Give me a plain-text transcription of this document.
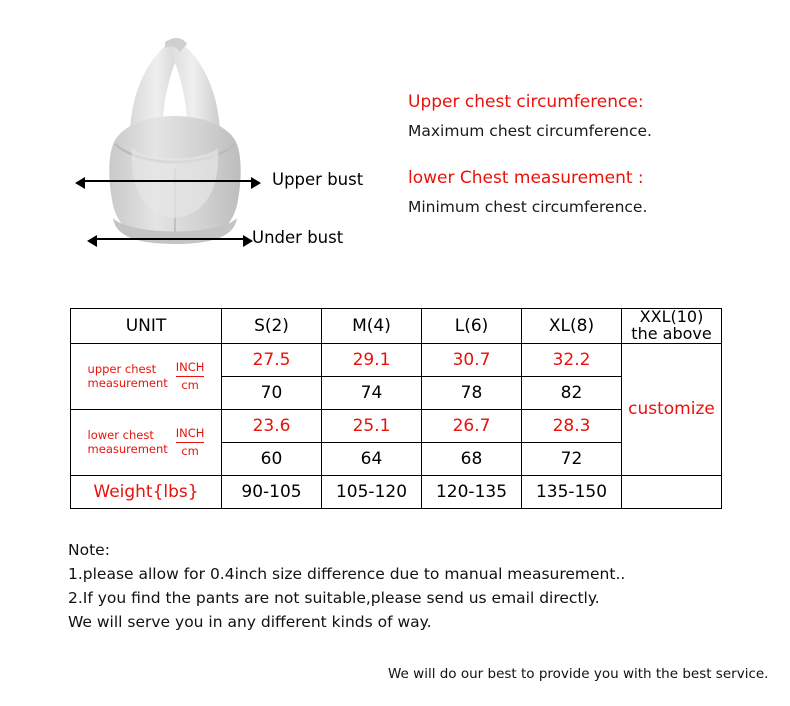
Upper bust
Under bust

Upper chest circumference:

Maximum chest circumference.

lower Chest measurement :

Minimum chest circumference.

UNIT	S(2)	M(4)	L(6)	XL(8)	XXL(10)
the above

upper chest
measurement
INCH
cm	27.5	29.1	30.7	32.2	customize
	70	74	78	82	

lower chest
measurement
INCH
cm	23.6	25.1	26.7	28.3	
	60	64	68	72	
Weight{lbs}	90-105	105-120	120-135	135-150	

Note:

1.please allow for 0.4inch size difference due to manual measurement..

2.If you find the pants are not suitable,please send us email directly.

We will serve you in any different kinds of way.

We will do our best to provide you with the best service.
